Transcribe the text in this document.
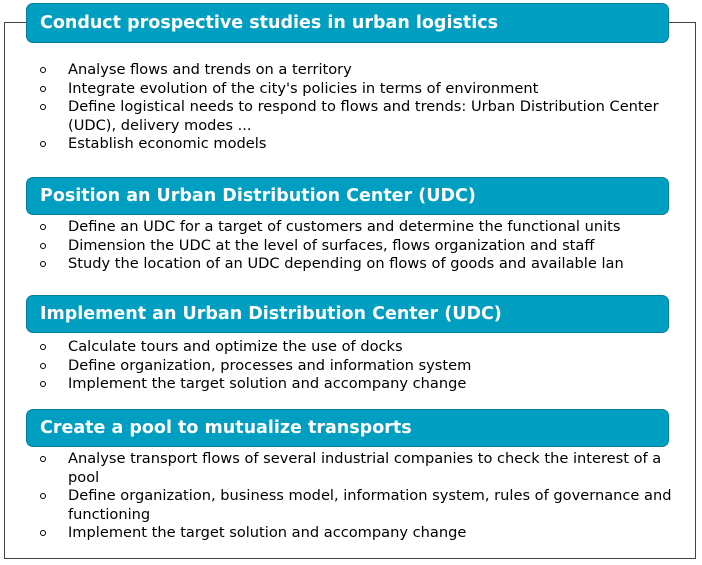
Conduct prospective studies in urban logistics
Analyse flows and trends on a territory
Integrate evolution of the city's policies in terms of environment
Define logistical needs to respond to flows and trends: Urban Distribution Center (UDC), delivery modes ...
Establish economic models
Position an Urban Distribution Center (UDC)
Define an UDC for a target of customers and determine the functional units
Dimension the UDC at the level of surfaces, flows organization and staff
Study the location of an UDC depending on flows of goods and available lan
Implement an Urban Distribution Center (UDC)
Calculate tours and optimize the use of docks
Define organization, processes and information system
Implement the target solution and accompany change
Create a pool to mutualize transports
Analyse transport flows of several industrial companies to check the interest of a pool
Define organization, business model, information system, rules of governance and functioning
Implement the target solution and accompany change
